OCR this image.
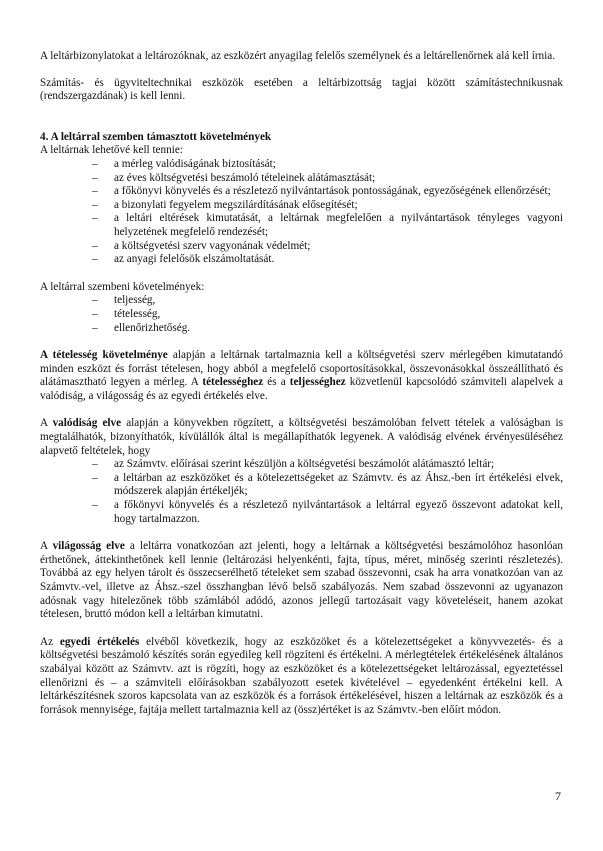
A leltárbizonylatokat a leltározóknak, az eszközért anyagilag felelős személynek és a leltárellenőrnek alá kell írnia.

Számítás- és ügyviteltechnikai eszközök esetében a leltárbizottság tagjai között számítástechnikusnak (rendszergazdának) is kell lenni.

4. A leltárral szemben támasztott követelmények

A leltárnak lehetővé kell tennie:

– a mérleg valódiságának biztosítását;
– az éves költségvetési beszámoló tételeinek alátámasztását;
– a főkönyvi könyvelés és a részletező nyilvántartások pontosságának, egyezőségének ellenőrzését;
– a bizonylati fegyelem megszilárdításának elősegítését;
– a leltári eltérések kimutatását, a leltárnak megfelelően a nyilvántartások tényleges vagyoni helyzetének megfelelő rendezését;
– a költségvetési szerv vagyonának védelmét;
– az anyagi felelősök elszámoltatását.

A leltárral szembeni követelmények:

– teljesség,
– tételesség,
– ellenőrizhetőség.

A tételesség követelménye alapján a leltárnak tartalmaznia kell a költségvetési szerv mérlegében kimutatandó minden eszközt és forrást tételesen, hogy abból a megfelelő csoportosításokkal, összevonásokkal összeállítható és alátámasztható legyen a mérleg. A tételességhez és a teljességhez közvetlenül kapcsolódó számviteli alapelvek a valódiság, a világosság és az egyedi értékelés elve.

A valódiság elve alapján a könyvekben rögzített, a költségvetési beszámolóban felvett tételek a valóságban is megtalálhatók, bizonyíthatók, kívülállók által is megállapíthatók legyenek. A valódiság elvének érvényesüléséhez alapvető feltételek, hogy

– az Számvtv. előírásai szerint készüljön a költségvetési beszámolót alátámasztó leltár;
– a leltárban az eszközöket és a kötelezettségeket az Számvtv. és az Áhsz.-ben írt értékelési elvek, módszerek alapján értékeljék;
– a főkönyvi könyvelés és a részletező nyilvántartások a leltárral egyező összevont adatokat kell, hogy tartalmazzon.

A világosság elve a leltárra vonatkozóan azt jelenti, hogy a leltárnak a költségvetési beszámolóhoz hasonlóan érthetőnek, áttekinthetőnek kell lennie (leltározási helyenkénti, fajta, típus, méret, minőség szerinti részletezés). Továbbá az egy helyen tárolt és összecserélhető tételeket sem szabad összevonni, csak ha arra vonatkozóan van az Számvtv.-vel, illetve az Áhsz.-szel összhangban lévő belső szabályozás. Nem szabad összevonni az ugyanazon adósnak vagy hitelezőnek több számlából adódó, azonos jellegű tartozásait vagy követeléseit, hanem azokat tételesen, bruttó módon kell a leltárban kimutatni.

Az egyedi értékelés elvéből következik, hogy az eszközöket és a kötelezettségeket a könyvvezetés- és a költségvetési beszámoló készítés során egyedileg kell rögzíteni és értékelni. A mérlegtételek értékelésének általános szabályai között az Számvtv. azt is rögzíti, hogy az eszközöket és a kötelezettségeket leltározással, egyeztetéssel ellenőrizni és – a számviteli előírásokban szabályozott esetek kivételével – egyedenként értékelni kell. A leltárkészítésnek szoros kapcsolata van az eszközök és a források értékelésével, hiszen a leltárnak az eszközök és a források mennyisége, fajtája mellett tartalmaznia kell az (össz)értéket is az Számvtv.-ben előírt módon.

7
